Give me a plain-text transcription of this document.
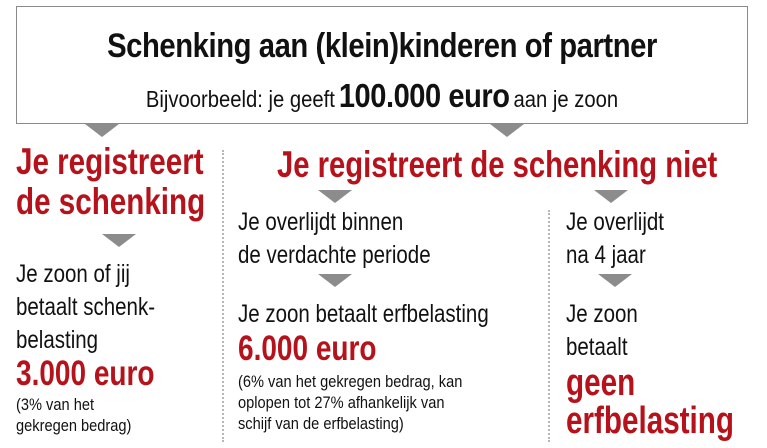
Schenking aan (klein)kinderen of partner
Bijvoorbeeld: je geeft 100.000 euro aan je zoon
Je registreert
de schenking
Je zoon of jij
betaalt schenk-
belasting
3.000 euro
(3% van het
gekregen bedrag)
Je registreert de schenking niet
Je overlijdt binnen
de verdachte periode
Je zoon betaalt erfbelasting
6.000 euro
(6% van het gekregen bedrag, kan
oplopen tot 27% afhankelijk van
schijf van de erfbelasting)
Je overlijdt
na 4 jaar
Je zoon
betaalt
geen
erfbelasting
